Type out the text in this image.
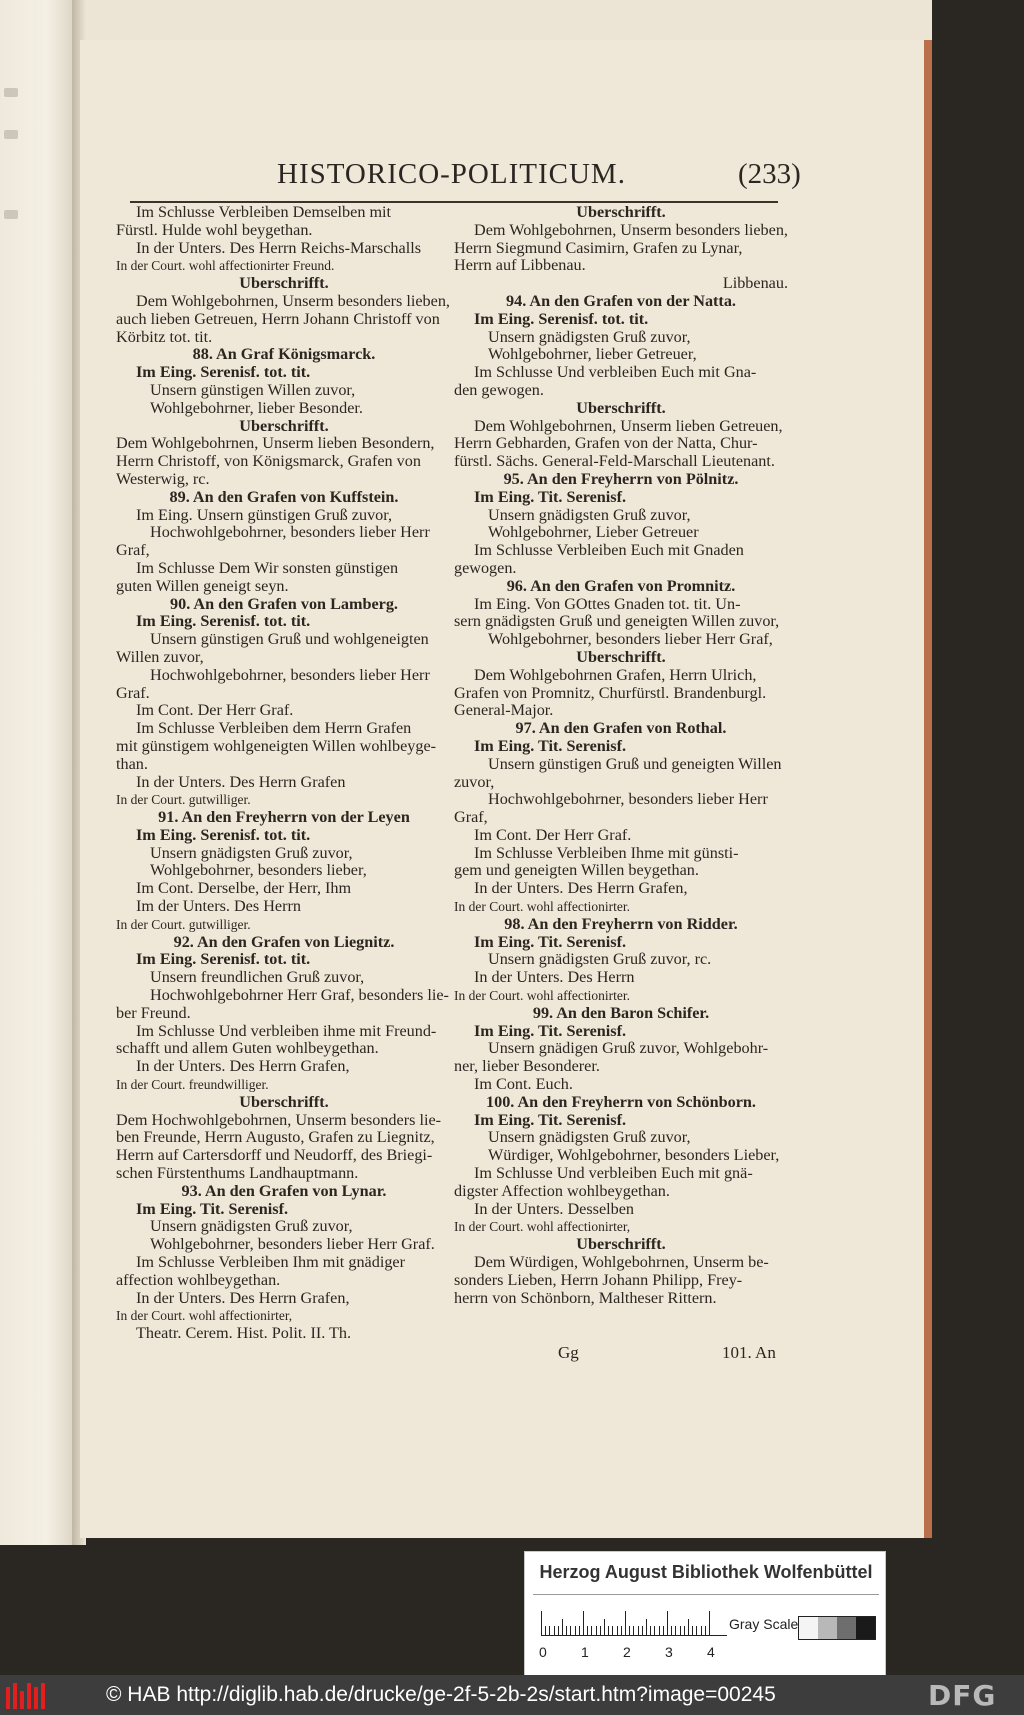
HISTORICO-POLITICUM.	(233)
Im Schlusse Verbleiben Demselben mit
Fürstl. Hulde wohl beygethan.
In der Unters. Des Herrn Reichs-Marschalls
In der Court. wohl affectionirter Freund.
Uberschrifft.
Dem Wohlgebohrnen, Unserm besonders lieben,
auch lieben Getreuen, Herrn Johann Christoff von
Körbitz tot. tit.
88. An Graf Königsmarck.
Im Eing. Serenisf. tot. tit.
Unsern günstigen Willen zuvor,
Wohlgebohrner, lieber Besonder.
Uberschrifft.
Dem Wohlgebohrnen, Unserm lieben Besondern,
Herrn Christoff, von Königsmarck, Grafen von
Westerwig, rc.
89. An den Grafen von Kuffstein.
Im Eing. Unsern günstigen Gruß zuvor,
Hochwohlgebohrner, besonders lieber Herr
Graf,
Im Schlusse Dem Wir sonsten günstigen
guten Willen geneigt seyn.
90. An den Grafen von Lamberg.
Im Eing. Serenisf. tot. tit.
Unsern günstigen Gruß und wohlgeneigten
Willen zuvor,
Hochwohlgebohrner, besonders lieber Herr
Graf.
Im Cont. Der Herr Graf.
Im Schlusse Verbleiben dem Herrn Grafen
mit günstigem wohlgeneigten Willen wohlbeyge-
than.
In der Unters. Des Herrn Grafen
In der Court. gutwilliger.
91. An den Freyherrn von der Leyen
Im Eing. Serenisf. tot. tit.
Unsern gnädigsten Gruß zuvor,
Wohlgebohrner, besonders lieber,
Im Cont. Derselbe, der Herr, Ihm
Im der Unters. Des Herrn
In der Court. gutwilliger.
92. An den Grafen von Liegnitz.
Im Eing. Serenisf. tot. tit.
Unsern freundlichen Gruß zuvor,
Hochwohlgebohrner Herr Graf, besonders lie-
ber Freund.
Im Schlusse Und verbleiben ihme mit Freund-
schafft und allem Guten wohlbeygethan.
In der Unters. Des Herrn Grafen,
In der Court. freundwilliger.
Uberschrifft.
Dem Hochwohlgebohrnen, Unserm besonders lie-
ben Freunde, Herrn Augusto, Grafen zu Liegnitz,
Herrn auf Cartersdorff und Neudorff, des Briegi-
schen Fürstenthums Landhauptmann.
93. An den Grafen von Lynar.
Im Eing. Tit. Serenisf.
Unsern gnädigsten Gruß zuvor,
Wohlgebohrner, besonders lieber Herr Graf.
Im Schlusse Verbleiben Ihm mit gnädiger
affection wohlbeygethan.
In der Unters. Des Herrn Grafen,
In der Court. wohl affectionirter,
Theatr. Cerem. Hist. Polit. II. Th.
Uberschrifft.
Dem Wohlgebohrnen, Unserm besonders lieben,
Herrn Siegmund Casimirn, Grafen zu Lynar,
Herrn auf Libbenau.
Libbenau.
94. An den Grafen von der Natta.
Im Eing. Serenisf. tot. tit.
Unsern gnädigsten Gruß zuvor,
Wohlgebohrner, lieber Getreuer,
Im Schlusse Und verbleiben Euch mit Gna-
den gewogen.
Uberschrifft.
Dem Wohlgebohrnen, Unserm lieben Getreuen,
Herrn Gebharden, Grafen von der Natta, Chur-
fürstl. Sächs. General-Feld-Marschall Lieutenant.
95. An den Freyherrn von Pölnitz.
Im Eing. Tit. Serenisf.
Unsern gnädigsten Gruß zuvor,
Wohlgebohrner, Lieber Getreuer
Im Schlusse Verbleiben Euch mit Gnaden
gewogen.
96. An den Grafen von Promnitz.
Im Eing. Von GOttes Gnaden tot. tit. Un-
sern gnädigsten Gruß und geneigten Willen zuvor,
Wohlgebohrner, besonders lieber Herr Graf,
Uberschrifft.
Dem Wohlgebohrnen Grafen, Herrn Ulrich,
Grafen von Promnitz, Churfürstl. Brandenburgl.
General-Major.
97. An den Grafen von Rothal.
Im Eing. Tit. Serenisf.
Unsern günstigen Gruß und geneigten Willen
zuvor,
Hochwohlgebohrner, besonders lieber Herr
Graf,
Im Cont. Der Herr Graf.
Im Schlusse Verbleiben Ihme mit günsti-
gem und geneigten Willen beygethan.
In der Unters. Des Herrn Grafen,
In der Court. wohl affectionirter.
98. An den Freyherrn von Ridder.
Im Eing. Tit. Serenisf.
Unsern gnädigsten Gruß zuvor, rc.
In der Unters. Des Herrn
In der Court. wohl affectionirter.
99. An den Baron Schifer.
Im Eing. Tit. Serenisf.
Unsern gnädigen Gruß zuvor, Wohlgebohr-
ner, lieber Besonderer.
Im Cont. Euch.
100. An den Freyherrn von Schönborn.
Im Eing. Tit. Serenisf.
Unsern gnädigsten Gruß zuvor,
Würdiger, Wohlgebohrner, besonders Lieber,
Im Schlusse Und verbleiben Euch mit gnä-
digster Affection wohlbeygethan.
In der Unters. Desselben
In der Court. wohl affectionirter,
Uberschrifft.
Dem Würdigen, Wohlgebohrnen, Unserm be-
sonders Lieben, Herrn Johann Philipp, Frey-
herrn von Schönborn, Maltheser Rittern.
Gg	101. An
Herzog August Bibliothek Wolfenbüttel
0 1 2 3 4
Gray Scale
© HAB http://diglib.hab.de/drucke/ge-2f-5-2b-2s/start.htm?image=00245	DFG
